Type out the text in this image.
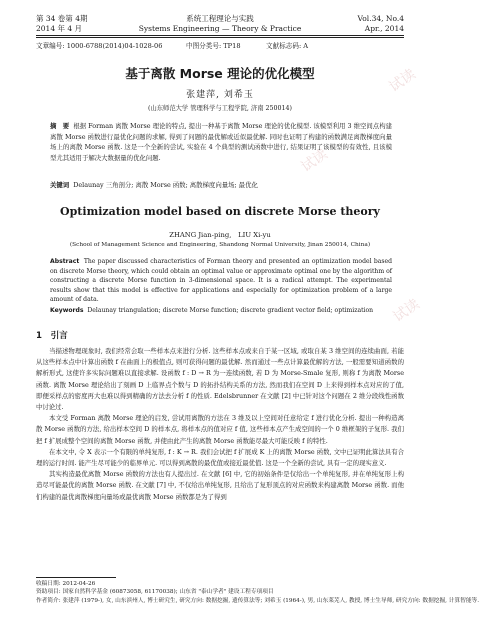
试读
试读
试读
第 34 卷第 4期	系统工程理论与实践	Vol.34, No.4
2014 年 4 月	Systems Engineering — Theory & Practice	Apr., 2014
文章编号: 1000-6788(2014)04-1028-06	中图分类号: TP18	文献标志码: A
基于离散 Morse 理论的优化模型
张建萍, 刘希玉
(山东师范大学 管理科学与工程学院, 济南 250014)
摘　要 根据 Forman 离散 Morse 理论的特点, 提出一种基于离散 Morse 理论的优化模型. 该模型利用 3 维空间点构建离散 Morse 函数进行最优化问题的求解, 得到了问题的最优解或近似最优解. 同时也证明了构建的函数满足离散梯度向量场上的离散 Morse 函数. 这是一个全新的尝试, 实验在 4 个典型的测试函数中进行, 结果证明了该模型的有效性, 且该模型尤其适用于解决大数据量的优化问题.
关键词 Delaunay 三角剖分; 离散 Morse 函数; 离散梯度向量场; 最优化
Optimization model based on discrete Morse theory
ZHANG Jian-ping,　LIU Xi-yu
(School of Management Science and Engineering, Shandong Normal University, Jinan 250014, China)
Abstract The paper discussed characteristics of Forman theory and presented an optimization model based on discrete Morse theory, which could obtain an optimal value or approximate optimal one by the algorithm of constructing a discrete Morse function in 3-dimensional space. It is a radical attempt. The experimental results show that this model is effective for applications and especially for optimization problem of a large amount of data.
Keywords Delaunay triangulation; discrete Morse function; discrete gradient vector field; optimization
1　引言

当描述物理现象时, 我们经常会取一些样本点来进行分析. 这些样本点或来自于某一区域, 或取自某 3 维空间的连续曲面, 若能从这些样本点中计算出函数 f 在曲面上的极值点, 则可获得问题的最优解. 然而通过一些点计算最优解的方法, 一般需要知道函数的解析形式, 这使许多实际问题难以直接求解. 设函数 f : D → R 为一连续函数, 若 D 为 Morse-Smale 复形, 则称 f 为离散 Morse 函数. 离散 Morse 理论给出了刻画 D 上临界点个数与 D 的拓扑结构关系的方法, 然而我们在空间 D 上来得到样本点对应的了值, 即便采样点的密度再大也难以得到精确的方法去分析 f 的性质. Edelsbrunner 在文献 [2] 中已针对这个问题在 2 维分段线性函数中讨论过.

本文受 Forman 离散 Morse 理论的启发, 尝试用离散的方法在 3 维及以上空间对任意给定 f 进行优化分析. 提出一种构造离散 Morse 函数的方法, 给出样本空间 D 的样本点, 将样本点的值对应 f 值, 这些样本点产生成空间的一个 0 维框架的子复形. 我们把 f 扩展成整个空间的离散 Morse 函数, 并使由此产生的离散 Morse 函数能尽最大可能反映 f 的特性.

在本文中, 令 X 表示一个有限的单纯复形, f : K → R. 我们会试把 f 扩展成 K 上的离散 Morse 函数, 文中已证明此算法具有合理的运行时间. 能产生尽可能少的临界单元. 可以得到离散的最优值或接近最优值. 这是一个全新的尝试, 具有一定的现实意义.

其实构造最优离散 Morse 函数的方法也有人提出过. 在文献 [6] 中, 它的初始条件是仅给出一个单纯复形, 并在单纯复形上构造尽可能最优的离散 Morse 函数. 在文献 [7] 中, 不仅给出单纯复形, 且给出了复形顶点的对应函数来构建离散 Morse 函数. 而他们构建的最优离散梯度向量场或最优离散 Morse 函数都是为了得到

收稿日期: 2012-04-26
资助项目: 国家自然科学基金 (60873058, 61170038); 山东省 "泰山学者" 建设工程专项项目
作者简介: 张建萍 (1979-), 女, 山东滨州人, 博士研究生, 研究方向: 数据挖掘, 遗传算法等; 刘希玉 (1964-), 男, 山东莱芜人, 教授, 博士生导师, 研究方向: 数据挖掘, 计算智能等.
